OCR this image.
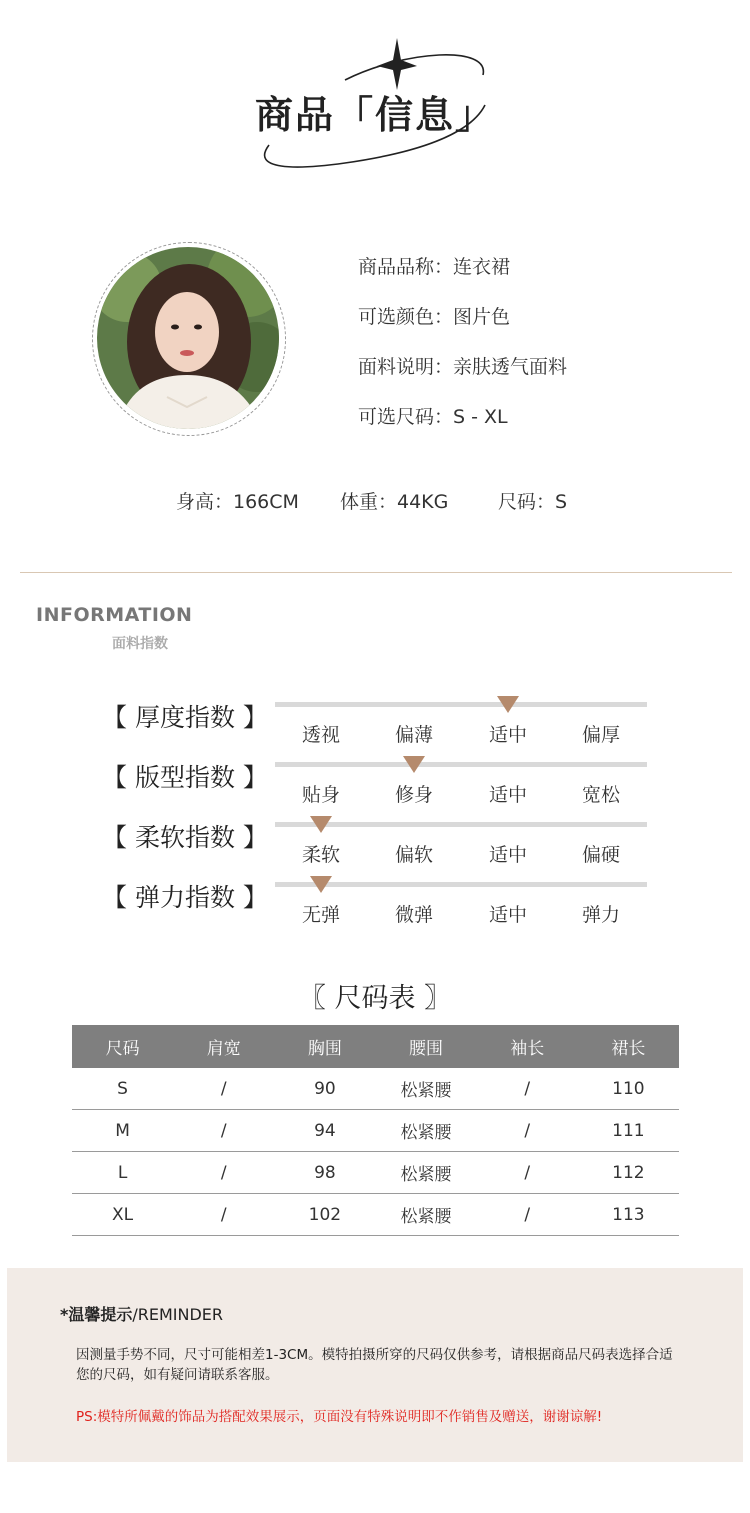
商品「信息」
商品品称：连衣裙
可选颜色：图片色
面料说明：亲肤透气面料
可选尺码：S - XL
身高：166CM 体重：44KG	尺码：S
INFORMATION
面料指数
【 厚度指数 】
透视	偏薄	适中	偏厚
【 版型指数 】
贴身	修身	适中	宽松
【 柔软指数 】
柔软	偏软	适中	偏硬
【 弹力指数 】
无弹	微弹	适中	弹力
〖 尺码表 〗
尺码	肩宽	胸围	腰围	袖长	裙长
S	/	90	松紧腰	/	110
M	/	94	松紧腰	/	111
L	/	98	松紧腰	/	112
XL	/	102	松紧腰	/	113
*温馨提示/REMINDER
因测量手势不同，尺寸可能相差1-3CM。模特拍摄所穿的尺码仅供参考，请根据商品尺码表选择合适您的尺码，如有疑问请联系客服。
PS:模特所佩戴的饰品为搭配效果展示，页面没有特殊说明即不作销售及赠送，谢谢谅解!
